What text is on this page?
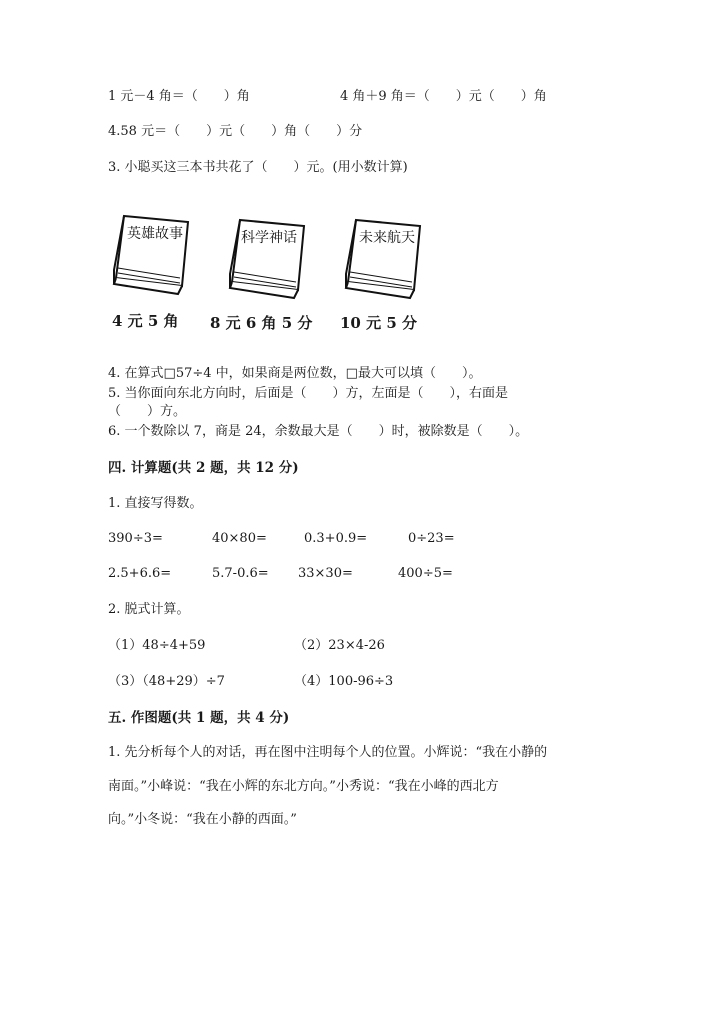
1 元－4 角＝（　　）角	4 角＋9 角＝（　　）元（　　）角
4.58 元＝（　　）元（　　）角（　　）分
3. 小聪买这三本书共花了（　　）元。(用小数计算)
英雄故事	科学神话	未来航天
4 元 5 角 8 元 6 角 5 分 10 元 5 分
4. 在算式□57÷4 中，如果商是两位数，□最大可以填（　　）。
5. 当你面向东北方向时，后面是（　　）方，左面是（　　），右面是
（　　）方。
6. 一个数除以 7，商是 24，余数最大是（　　）时，被除数是（　　）。
四. 计算题(共 2 题，共 12 分)
1. 直接写得数。
390÷3=	40×80=	0.3+0.9=	0÷23=
2.5+6.6=	5.7-0.6= 33×30=	400÷5=
2. 脱式计算。
（1）48÷4+59	（2）23×4-26
（3）（48+29）÷7	（4）100-96÷3
五. 作图题(共 1 题，共 4 分)
1. 先分析每个人的对话，再在图中注明每个人的位置。小辉说：“我在小静的
南面。”小峰说：“我在小辉的东北方向。”小秀说：“我在小峰的西北方
向。”小冬说：“我在小静的西面。”
